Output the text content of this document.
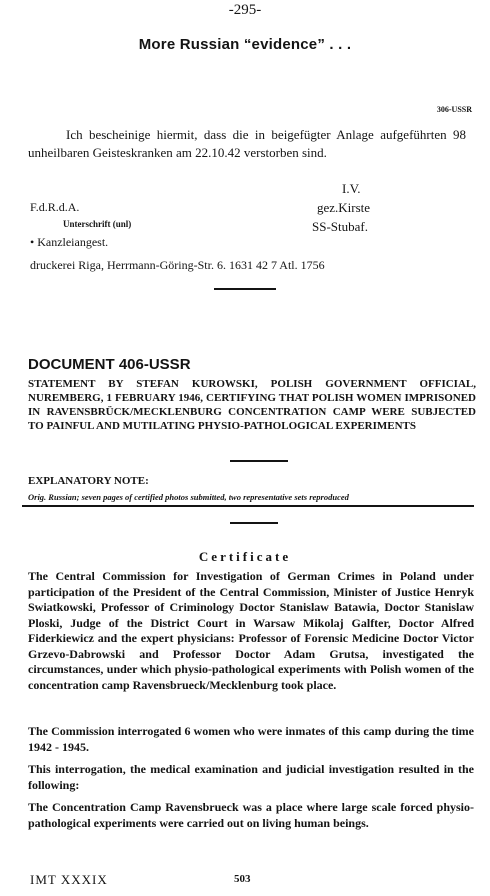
-295-
More Russian “evidence” . . .
306-USSR
Ich bescheinige hiermit, dass die in beigefügter Anlage aufgeführten 98 unheilbaren Geisteskranken am 22.10.42 verstorben sind.
F.d.R.d.A.
Unterschrift (unl)
I.V.
gez.Kirste
SS-Stubaf.
• Kanzleiangest.
druckerei Riga, Herrmann-Göring-Str. 6. 1631 42 7 Atl. 1756
DOCUMENT 406-USSR
STATEMENT BY STEFAN KUROWSKI, POLISH GOVERNMENT OFFICIAL, NUREMBERG, 1 FEBRUARY 1946, CERTIFYING THAT POLISH WOMEN IMPRISONED IN RAVENSBRÜCK/MECKLENBURG CONCENTRATION CAMP WERE SUBJECTED TO PAINFUL AND MUTILATING PHYSIO-PATHOLOGICAL EXPERIMENTS
EXPLANATORY NOTE:
Orig. Russian; seven pages of certified photos submitted, two representative sets reproduced
Certificate
The Central Commission for Investigation of German Crimes in Poland under participation of the President of the Central Commission, Minister of Justice Henryk Swiatkowski, Professor of Criminology Doctor Stanislaw Batawia, Doctor Stanislaw Ploski, Judge of the District Court in Warsaw Mikolaj Galfter, Doctor Alfred Fiderkiewicz and the expert physicians: Professor of Forensic Medicine Doctor Victor Grzevo-Dabrowski and Professor Doctor Adam Grutsa, investigated the circumstances, under which physio-pathological experiments with Polish women of the concentration camp Ravensbrueck/Mecklenburg took place.
The Commission interrogated 6 women who were inmates of this camp during the time 1942 - 1945.
This interrogation, the medical examination and judicial investigation resulted in the following:
The Concentration Camp Ravensbrueck was a place where large scale forced physio-pathological experiments were carried out on living human beings.
IMT XXXIX	503
